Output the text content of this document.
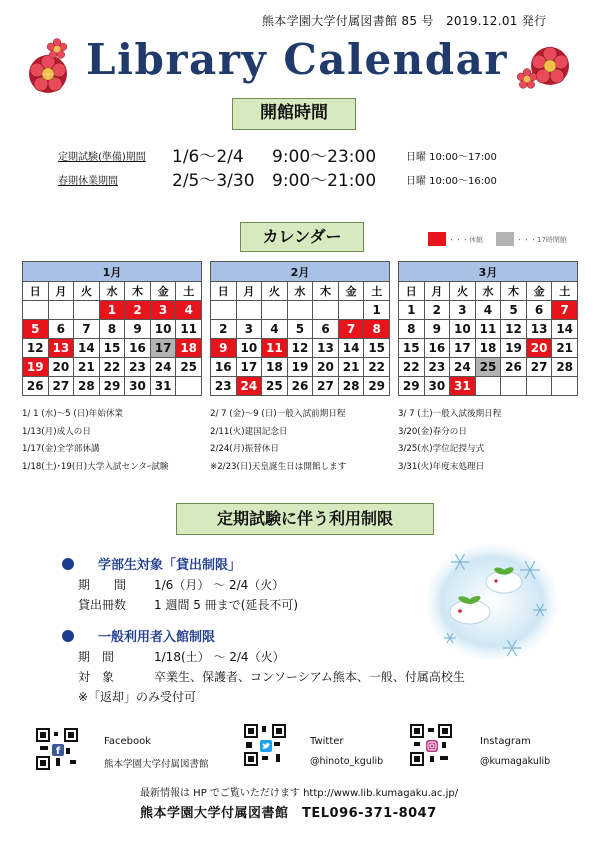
熊本学園大学付属図書館 85 号　2019.12.01 発行
Library Calendar
開館時間
定期試験(準備)期間 1/6～2/4 9:00～23:00	日曜 10:00～17:00
春期休業期間	2/5～3/30 9:00～21:00	日曜 10:00～16:00
カレンダー	・・・休館	・・・17時閉館
1月						
日	月	火	水	木	金	土
			1	2	3	4
5	6	7	8	9	10	11
12	13	14	15	16	17	18
19	20	21	22	23	24	25
26	27	28	29	30	31	
2月						
日	月	火	水	木	金	土
						1
2	3	4	5	6	7	8
9	10	11	12	13	14	15
16	17	18	19	20	21	22
23	24	25	26	27	28	29
3月						
日	月	火	水	木	金	土
1	2	3	4	5	6	7
8	9	10	11	12	13	14
15	16	17	18	19	20	21
22	23	24	25	26	27	28
29	30	31				
1/ 1 (水)～5 (日)年始休業
1/13(月)成人の日
1/17(金)全学部休講
1/18(土)･19(日)大学入試センタｰ試験
2/ 7 (金)～9 (日)一般入試前期日程
2/11(火)建国記念日
2/24(月)振替休日
※2/23(日)天皇誕生日は開館します
3/ 7 (土)一般入試後期日程
3/20(金)春分の日
3/25(水)学位記授与式
3/31(火)年度末処理日
定期試験に伴う利用制限
学部生対象「貸出制限」
期　　間 1/6（月） ～ 2/4（火）
貸出冊数 1 週間 5 冊まで(延長不可)
一般利用者入館制限
期　間	1/18(土） ～ 2/4（火）
対　象	卒業生、保護者、コンソーシアム熊本、一般、付属高校生
※「返却」のみ受付可
f
Facebook
熊本学園大学付属図書館
Twitter
@hinoto_kgulib
Instagram
@kumagakulib
最新情報は HP でご覧いただけます http://www.lib.kumagaku.ac.jp/
熊本学園大学付属図書館　TEL096-371-8047
